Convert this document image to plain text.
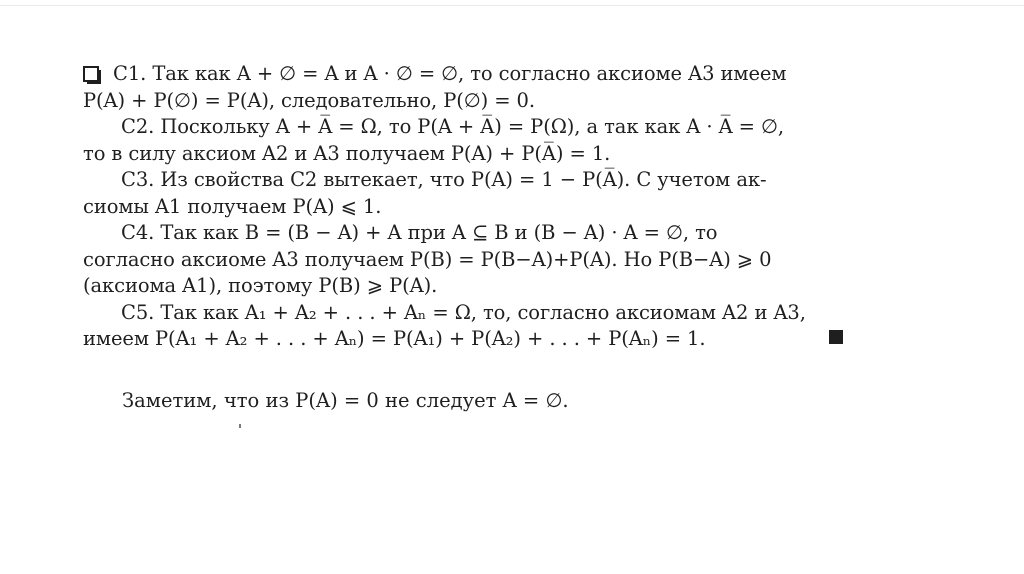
C1. Так как A + ∅ = A и A · ∅ = ∅, то согласно аксиоме A3 имеем
P(A) + P(∅) = P(A), следовательно, P(∅) = 0.
C2. Поскольку A + A̅ = Ω, то P(A + A̅) = P(Ω), а так как A · A̅ = ∅,
то в силу аксиом A2 и A3 получаем P(A) + P(A̅) = 1.
C3. Из свойства C2 вытекает, что P(A) = 1 − P(A̅). С учетом ак-
сиомы A1 получаем P(A) ⩽ 1.
C4. Так как B = (B − A) + A при A ⊆ B и (B − A) · A = ∅, то
согласно аксиоме A3 получаем P(B) = P(B−A)+P(A). Но P(B−A) ⩾ 0
(аксиома A1), поэтому P(B) ⩾ P(A).
C5. Так как A₁ + A₂ + . . . + Aₙ = Ω, то, согласно аксиомам A2 и A3,
имеем P(A₁ + A₂ + . . . + Aₙ) = P(A₁) + P(A₂) + . . . + P(Aₙ) = 1.
Заметим, что из P(A) = 0 не следует A = ∅.
